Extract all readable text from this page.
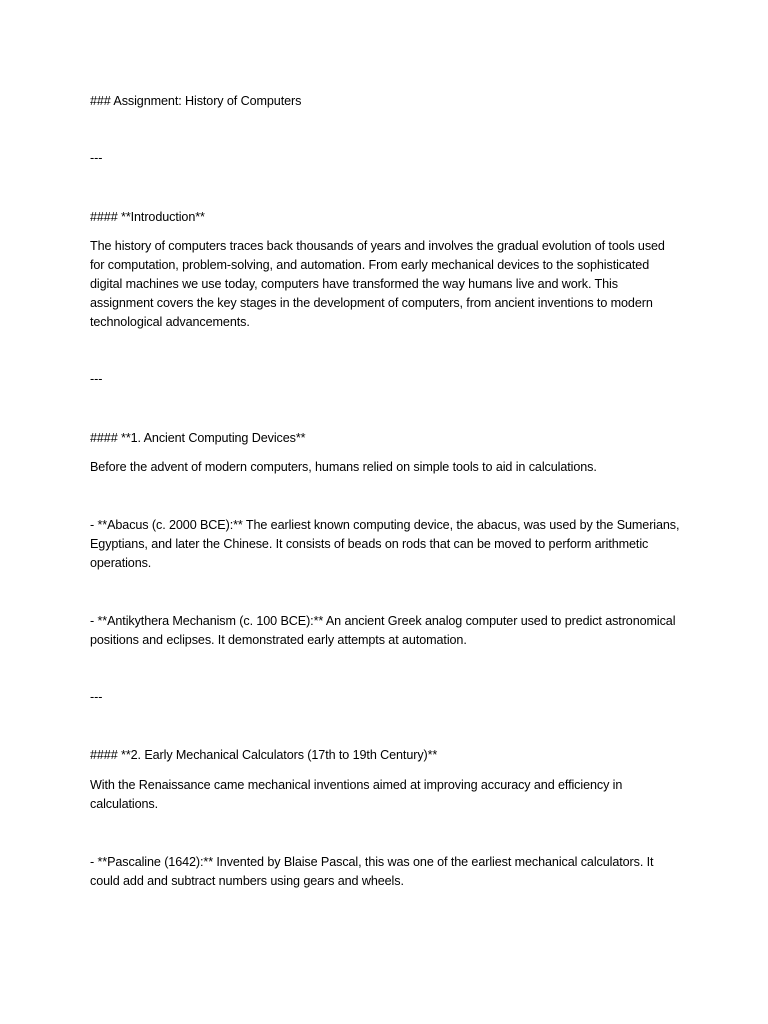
### Assignment: History of Computers

---

#### **Introduction**

The history of computers traces back thousands of years and involves the gradual evolution of tools used for computation, problem-solving, and automation. From early mechanical devices to the sophisticated digital machines we use today, computers have transformed the way humans live and work. This assignment covers the key stages in the development of computers, from ancient inventions to modern technological advancements.

---

#### **1. Ancient Computing Devices**

Before the advent of modern computers, humans relied on simple tools to aid in calculations.

- **Abacus (c. 2000 BCE):** The earliest known computing device, the abacus, was used by the Sumerians, Egyptians, and later the Chinese. It consists of beads on rods that can be moved to perform arithmetic operations.

- **Antikythera Mechanism (c. 100 BCE):** An ancient Greek analog computer used to predict astronomical positions and eclipses. It demonstrated early attempts at automation.

---

#### **2. Early Mechanical Calculators (17th to 19th Century)**

With the Renaissance came mechanical inventions aimed at improving accuracy and efficiency in calculations.

- **Pascaline (1642):** Invented by Blaise Pascal, this was one of the earliest mechanical calculators. It could add and subtract numbers using gears and wheels.
